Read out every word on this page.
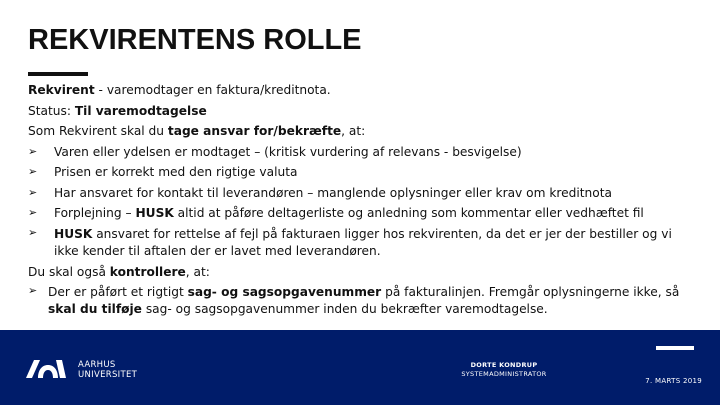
REKVIRENTENS ROLLE
Rekvirent - varemodtager en faktura/kreditnota.
Status: Til varemodtagelse
Som Rekvirent skal du tage ansvar for/bekræfte, at:
➢ Varen eller ydelsen er modtaget – (kritisk vurdering af relevans - besvigelse)
➢ Prisen er korrekt med den rigtige valuta
➢ Har ansvaret for kontakt til leverandøren – manglende oplysninger eller krav om kreditnota
➢ Forplejning – HUSK altid at påføre deltagerliste og anledning som kommentar eller vedhæftet fil
➢ HUSK ansvaret for rettelse af fejl på fakturaen ligger hos rekvirenten, da det er jer der bestiller og vi ikke kender til aftalen der er lavet med leverandøren.
Du skal også kontrollere, at:
➢ Der er påført et rigtigt sag- og sagsopgavenummer på fakturalinjen. Fremgår oplysningerne ikke, så skal du tilføje sag- og sagsopgavenummer inden du bekræfter varemodtagelse.
AARHUS
UNIVERSITET
DORTE KONDRUP
SYSTEMADMINISTRATOR
7. MARTS 2019
